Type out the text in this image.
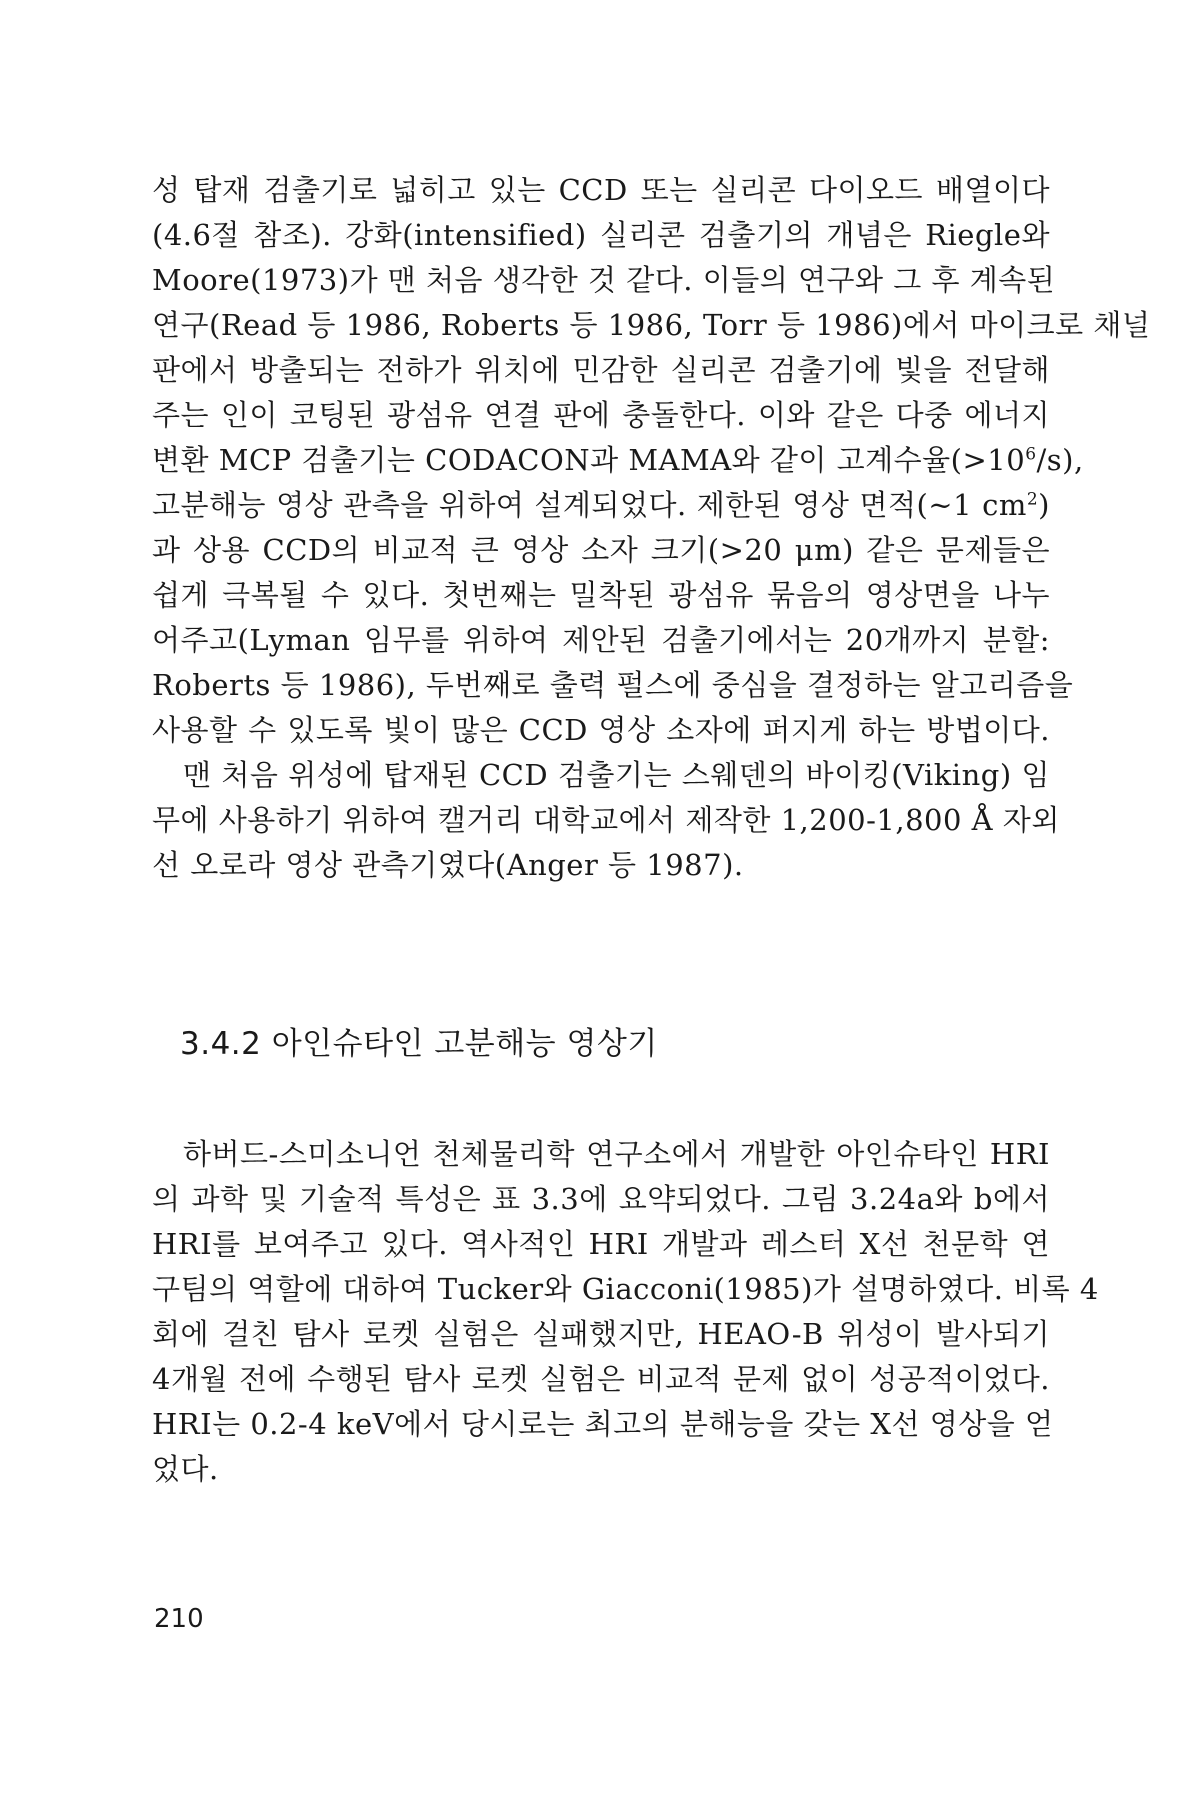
성 탑재 검출기로 넓히고 있는 CCD 또는 실리콘 다이오드 배열이다
(4.6절 참조). 강화(intensified) 실리콘 검출기의 개념은 Riegle와
Moore(1973)가 맨 처음 생각한 것 같다. 이들의 연구와 그 후 계속된
연구(Read 등 1986, Roberts 등 1986, Torr 등 1986)에서 마이크로 채널
판에서 방출되는 전하가 위치에 민감한 실리콘 검출기에 빛을 전달해
주는 인이 코팅된 광섬유 연결 판에 충돌한다. 이와 같은 다중 에너지
변환 MCP 검출기는 CODACON과 MAMA와 같이 고계수율$(>10^6/s)$,
고분해능 영상 관측을 위하여 설계되었다. 제한된 영상 면적(~1 $cm^2$)
과 상용 CCD의 비교적 큰 영상 소자 크기(>20 μm) 같은 문제들은
쉽게 극복될 수 있다. 첫번째는 밀착된 광섬유 묶음의 영상면을 나누
어주고(Lyman 임무를 위하여 제안된 검출기에서는 20개까지 분할:
Roberts 등 1986), 두번째로 출력 펄스에 중심을 결정하는 알고리즘을
사용할 수 있도록 빛이 많은 CCD 영상 소자에 퍼지게 하는 방법이다.
맨 처음 위성에 탑재된 CCD 검출기는 스웨덴의 바이킹(Viking) 임
무에 사용하기 위하여 캘거리 대학교에서 제작한 1,200-1,800 Å 자외
선 오로라 영상 관측기였다(Anger 등 1987).
3.4.2 아인슈타인 고분해능 영상기
하버드-스미소니언 천체물리학 연구소에서 개발한 아인슈타인 HRI
의 과학 및 기술적 특성은 표 3.3에 요약되었다. 그림 3.24a와 b에서
HRI를 보여주고 있다. 역사적인 HRI 개발과 레스터 X선 천문학 연
구팀의 역할에 대하여 Tucker와 Giacconi(1985)가 설명하였다. 비록 4
회에 걸친 탐사 로켓 실험은 실패했지만, HEAO-B 위성이 발사되기
4개월 전에 수행된 탐사 로켓 실험은 비교적 문제 없이 성공적이었다.
HRI는 0.2-4 keV에서 당시로는 최고의 분해능을 갖는 X선 영상을 얻
었다.
210
